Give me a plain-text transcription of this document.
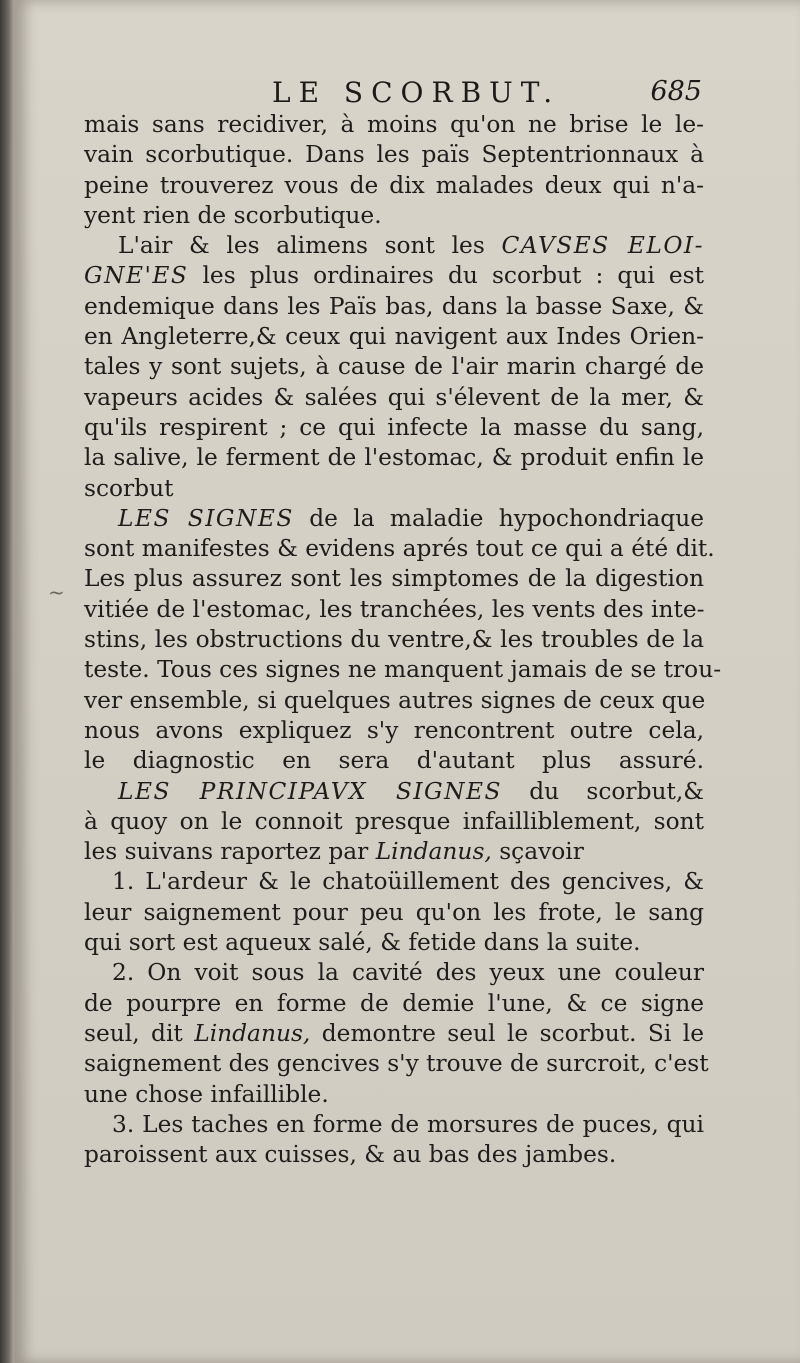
LE SCORBUT.	685
~
mais sans recidiver, à moins qu'on ne brise le le-
vain scorbutique. Dans les païs Septentrionnaux à
peine trouverez vous de dix malades deux qui n'a-
yent rien de scorbutique.
L'air & les alimens sont les CAVSES ELOI-
GNE'ES les plus ordinaires du scorbut : qui est
endemique dans les Païs bas, dans la basse Saxe, &
en Angleterre,& ceux qui navigent aux Indes Orien-
tales y sont sujets, à cause de l'air marin chargé de
vapeurs acides & salées qui s'élevent de la mer, &
qu'ils respirent ; ce qui infecte la masse du sang,
la salive, le ferment de l'estomac, & produit enfin le
scorbut
LES SIGNES de la maladie hypochondriaque
sont manifestes & evidens aprés tout ce qui a été dit.
Les plus assurez sont les simptomes de la digestion
vitiée de l'estomac, les tranchées, les vents des inte-
stins, les obstructions du ventre,& les troubles de la
teste. Tous ces signes ne manquent jamais de se trou-
ver ensemble, si quelques autres signes de ceux que
nous avons expliquez s'y rencontrent outre cela,
le diagnostic en sera d'autant plus assuré.
LES PRINCIPAVX SIGNES du scorbut,&
à quoy on le connoit presque infailliblement, sont
les suivans raportez par Lindanus, sçavoir
1. L'ardeur & le chatoüillement des gencives, &
leur saignement pour peu qu'on les frote, le sang
qui sort est aqueux salé, & fetide dans la suite.
2. On voit sous la cavité des yeux une couleur
de pourpre en forme de demie l'une, & ce signe
seul, dit Lindanus, demontre seul le scorbut. Si le
saignement des gencives s'y trouve de surcroit, c'est
une chose infaillible.
3. Les taches en forme de morsures de puces, qui
paroissent aux cuisses, & au bas des jambes.
